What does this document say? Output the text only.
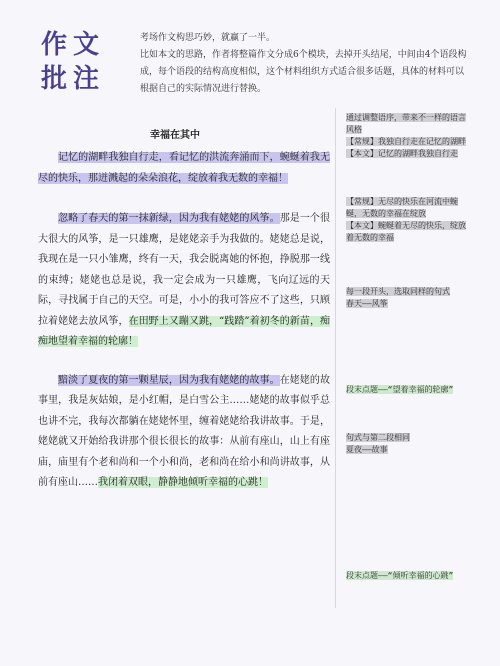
作文
批注

考场作文构思巧妙，就赢了一半。

比如本文的思路，作者将整篇作文分成6个模块，去掉开头结尾，中间由4个语段构成，每个语段的结构高度相似，这个材料组织方式适合很多话题，具体的材料可以根据自己的实际情况进行替换。

幸福在其中

记忆的湖畔我独自行走，看记忆的洪流奔涌而下，蜿蜒着我无尽的快乐，那迸溅起的朵朵浪花，绽放着我无数的幸福！

忽略了春天的第一抹新绿，因为我有姥姥的风筝。那是一个很大很大的风筝，是一只雄鹰，是姥姥亲手为我做的。姥姥总是说，我现在是一只小雏鹰，终有一天，我会脱离她的怀抱，挣脱那一线的束缚；姥姥也总是说，我一定会成为一只雄鹰，飞向辽远的天际，寻找属于自己的天空。可是，小小的我可答应不了这些，只顾拉着姥姥去放风筝，在田野上又蹦又跳，“践踏”着初冬的新苗，痴痴地望着幸福的轮廓！

黯淡了夏夜的第一颗星辰，因为我有姥姥的故事。在姥姥的故事里，我是灰姑娘，是小红帽，是白雪公主……姥姥的故事似乎总也讲不完，我每次都躺在姥姥怀里，缠着姥姥给我讲故事。于是，姥姥就又开始给我讲那个很长很长的故事：从前有座山，山上有座庙，庙里有个老和尚和一个小和尚，老和尚在给小和尚讲故事，从前有座山……我闭着双眼，静静地倾听幸福的心跳！

通过调整语序，带来不一样的语言风格
【常规】我独自行走在记忆的湖畔
【本文】记忆的湖畔我独自行走
【常规】无尽的快乐在河流中蜿蜒，无数的幸福在绽放
【本文】蜿蜒着无尽的快乐，绽放着无数的幸福
每一段开头，选取同样的句式
春天——风筝
段末点题——“望着幸福的轮廓”
句式与第二段相同
夏夜——故事
段末点题——“倾听幸福的心跳”
